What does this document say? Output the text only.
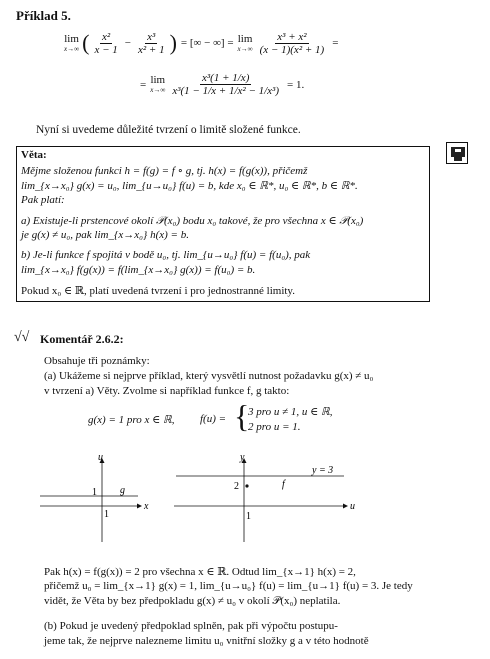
Příklad 5.
lim
x→∞ ( $\frac{\text{x²}}{x - 1} - \frac{\text{x³}}{\text{x² + 1}}$ ) = [∞ − ∞] = lim
$x\to\infty \frac{\text{x³ + x²}}{\text{(x − 1)(x² + 1)}}$ =
= lim
$x\to\infty \frac{\text{x³(1 + 1/x)}}{\text{x³(1 − 1/x + 1/x² − 1/x³)}} = 1$.
Nyní si uvedeme důležité tvrzení o limitě složené funkce.
Věta:
Mějme složenou funkci h = f(g) = f ∘ g, tj. h(x) = f(g(x)), přičemž
lim_{x→x₀} g(x) = u₀, lim_{u→u₀} f(u) = b, kde x₀ ∈ ℝ*, u₀ ∈ ℝ*, b ∈ ℝ*.
Pak platí:
a) Existuje-li prstencové okolí 𝒫(x₀) bodu x₀ takové, že pro všechna x ∈ 𝒫(x₀)
je g(x) ≠ u₀, pak lim_{x→x₀} h(x) = b.
b) Je-li funkce f spojitá v bodě u₀, tj. lim_{u→u₀} f(u) = f(u₀), pak
lim_{x→x₀} f(g(x)) = f(lim_{x→x₀} g(x)) = f(u₀) = b.
Pokud x₀ ∈ ℝ, platí uvedená tvrzení i pro jednostranné limity.
√√ Komentář 2.6.2:
Obsahuje tři poznámky:
(a) Ukážeme si nejprve příklad, který vysvětlí nutnost požadavku g(x) ≠ u₀
v tvrzení a) Věty. Zvolme si například funkce f, g takto:
g(x) = 1 pro x ∈ ℝ, f(u) = {
3 pro u ≠ 1, u ∈ ℝ,
2 pro u = 1.
u
x
1
1
g
y
u
y = 3
2
1
f
Pak h(x) = f(g(x)) = 2 pro všechna x ∈ ℝ. Odtud lim_{x→1} h(x) = 2,
přičemž u₀ = lim_{x→1} g(x) = 1, lim_{u→u₀} f(u) = lim_{u→1} f(u) = 3. Je tedy
vidět, že Věta by bez předpokladu g(x) ≠ u₀ v okolí 𝒫(x₀) neplatila.
(b) Pokud je uvedený předpoklad splněn, pak při výpočtu postupu-
jeme tak, že nejprve nalezneme limitu u₀ vnitřní složky g a v této hodnotě
